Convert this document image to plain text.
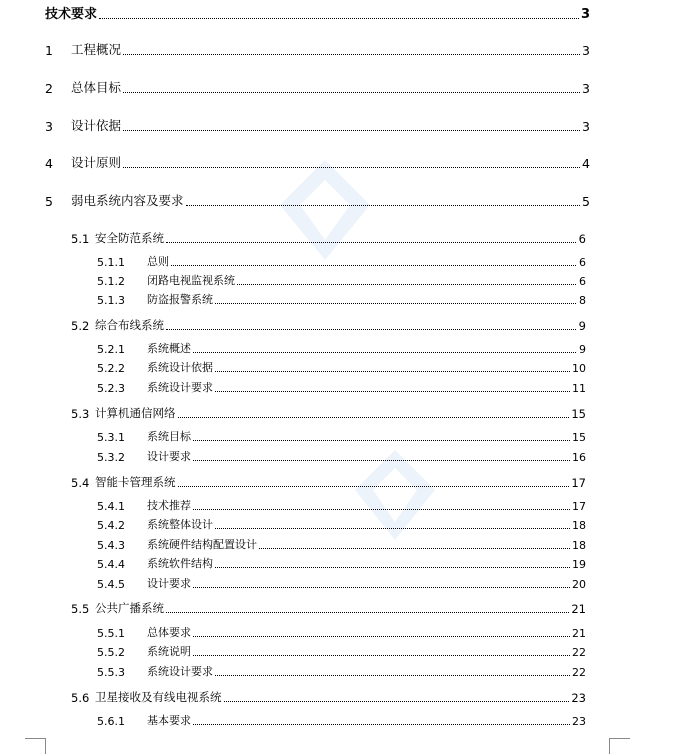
技术要求	3
1	工程概况	3
2	总体目标	3
3	设计依据	3
4	设计原则	4
5	弱电系统内容及要求	5
5.1 安全防范系统	6
5.1.1	总则	6
5.1.2	闭路电视监视系统	6
5.1.3	防盗报警系统	8
5.2 综合布线系统	9
5.2.1	系统概述	9
5.2.2	系统设计依据	10
5.2.3	系统设计要求	11
5.3 计算机通信网络	15
5.3.1	系统目标	15
5.3.2	设计要求	16
5.4 智能卡管理系统	17
5.4.1	技术推荐	17
5.4.2	系统整体设计	18
5.4.3	系统硬件结构配置设计	18
5.4.4	系统软件结构	19
5.4.5	设计要求	20
5.5 公共广播系统	21
5.5.1	总体要求	21
5.5.2	系统说明	22
5.5.3	系统设计要求	22
5.6 卫星接收及有线电视系统	23
5.6.1	基本要求	23
